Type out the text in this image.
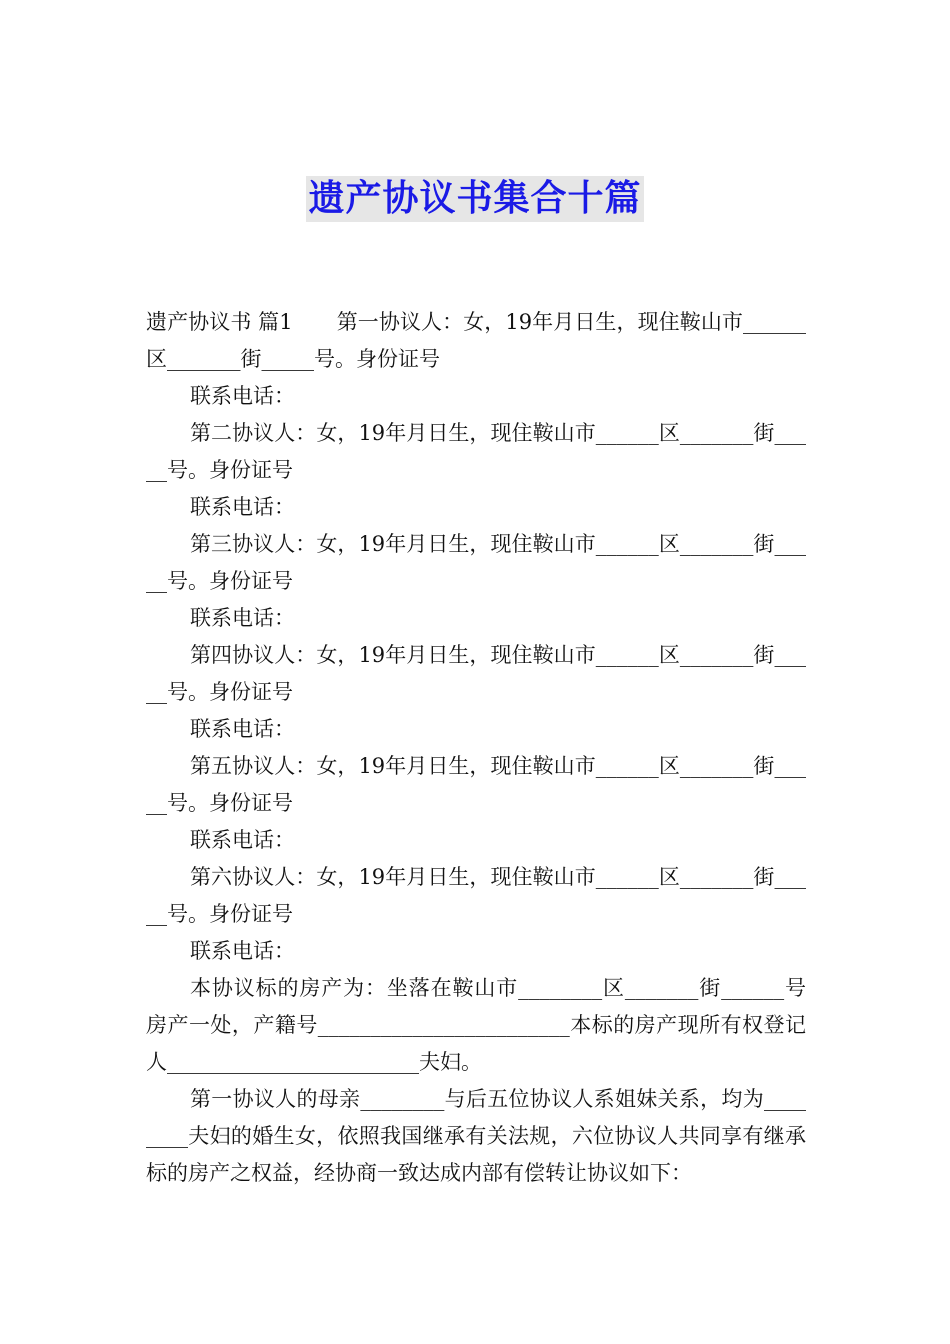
遗产协议书集合十篇

遗产协议书 篇1 第一协议人：女，19年月日生，现住鞍山市______区_______街_____号。身份证号

联系电话：

第二协议人：女，19年月日生，现住鞍山市______区_______街_____号。身份证号

联系电话：

第三协议人：女，19年月日生，现住鞍山市______区_______街_____号。身份证号

联系电话：

第四协议人：女，19年月日生，现住鞍山市______区_______街_____号。身份证号

联系电话：

第五协议人：女，19年月日生，现住鞍山市______区_______街_____号。身份证号

联系电话：

第六协议人：女，19年月日生，现住鞍山市______区_______街_____号。身份证号

联系电话：

本协议标的房产为：坐落在鞍山市________区_______街______号房产一处，产籍号________________________本标的房产现所有权登记人________________________夫妇。

第一协议人的母亲________与后五位协议人系姐妹关系，均为________夫妇的婚生女，依照我国继承有关法规，六位协议人共同享有继承标的房产之权益，经协商一致达成内部有偿转让协议如下：
